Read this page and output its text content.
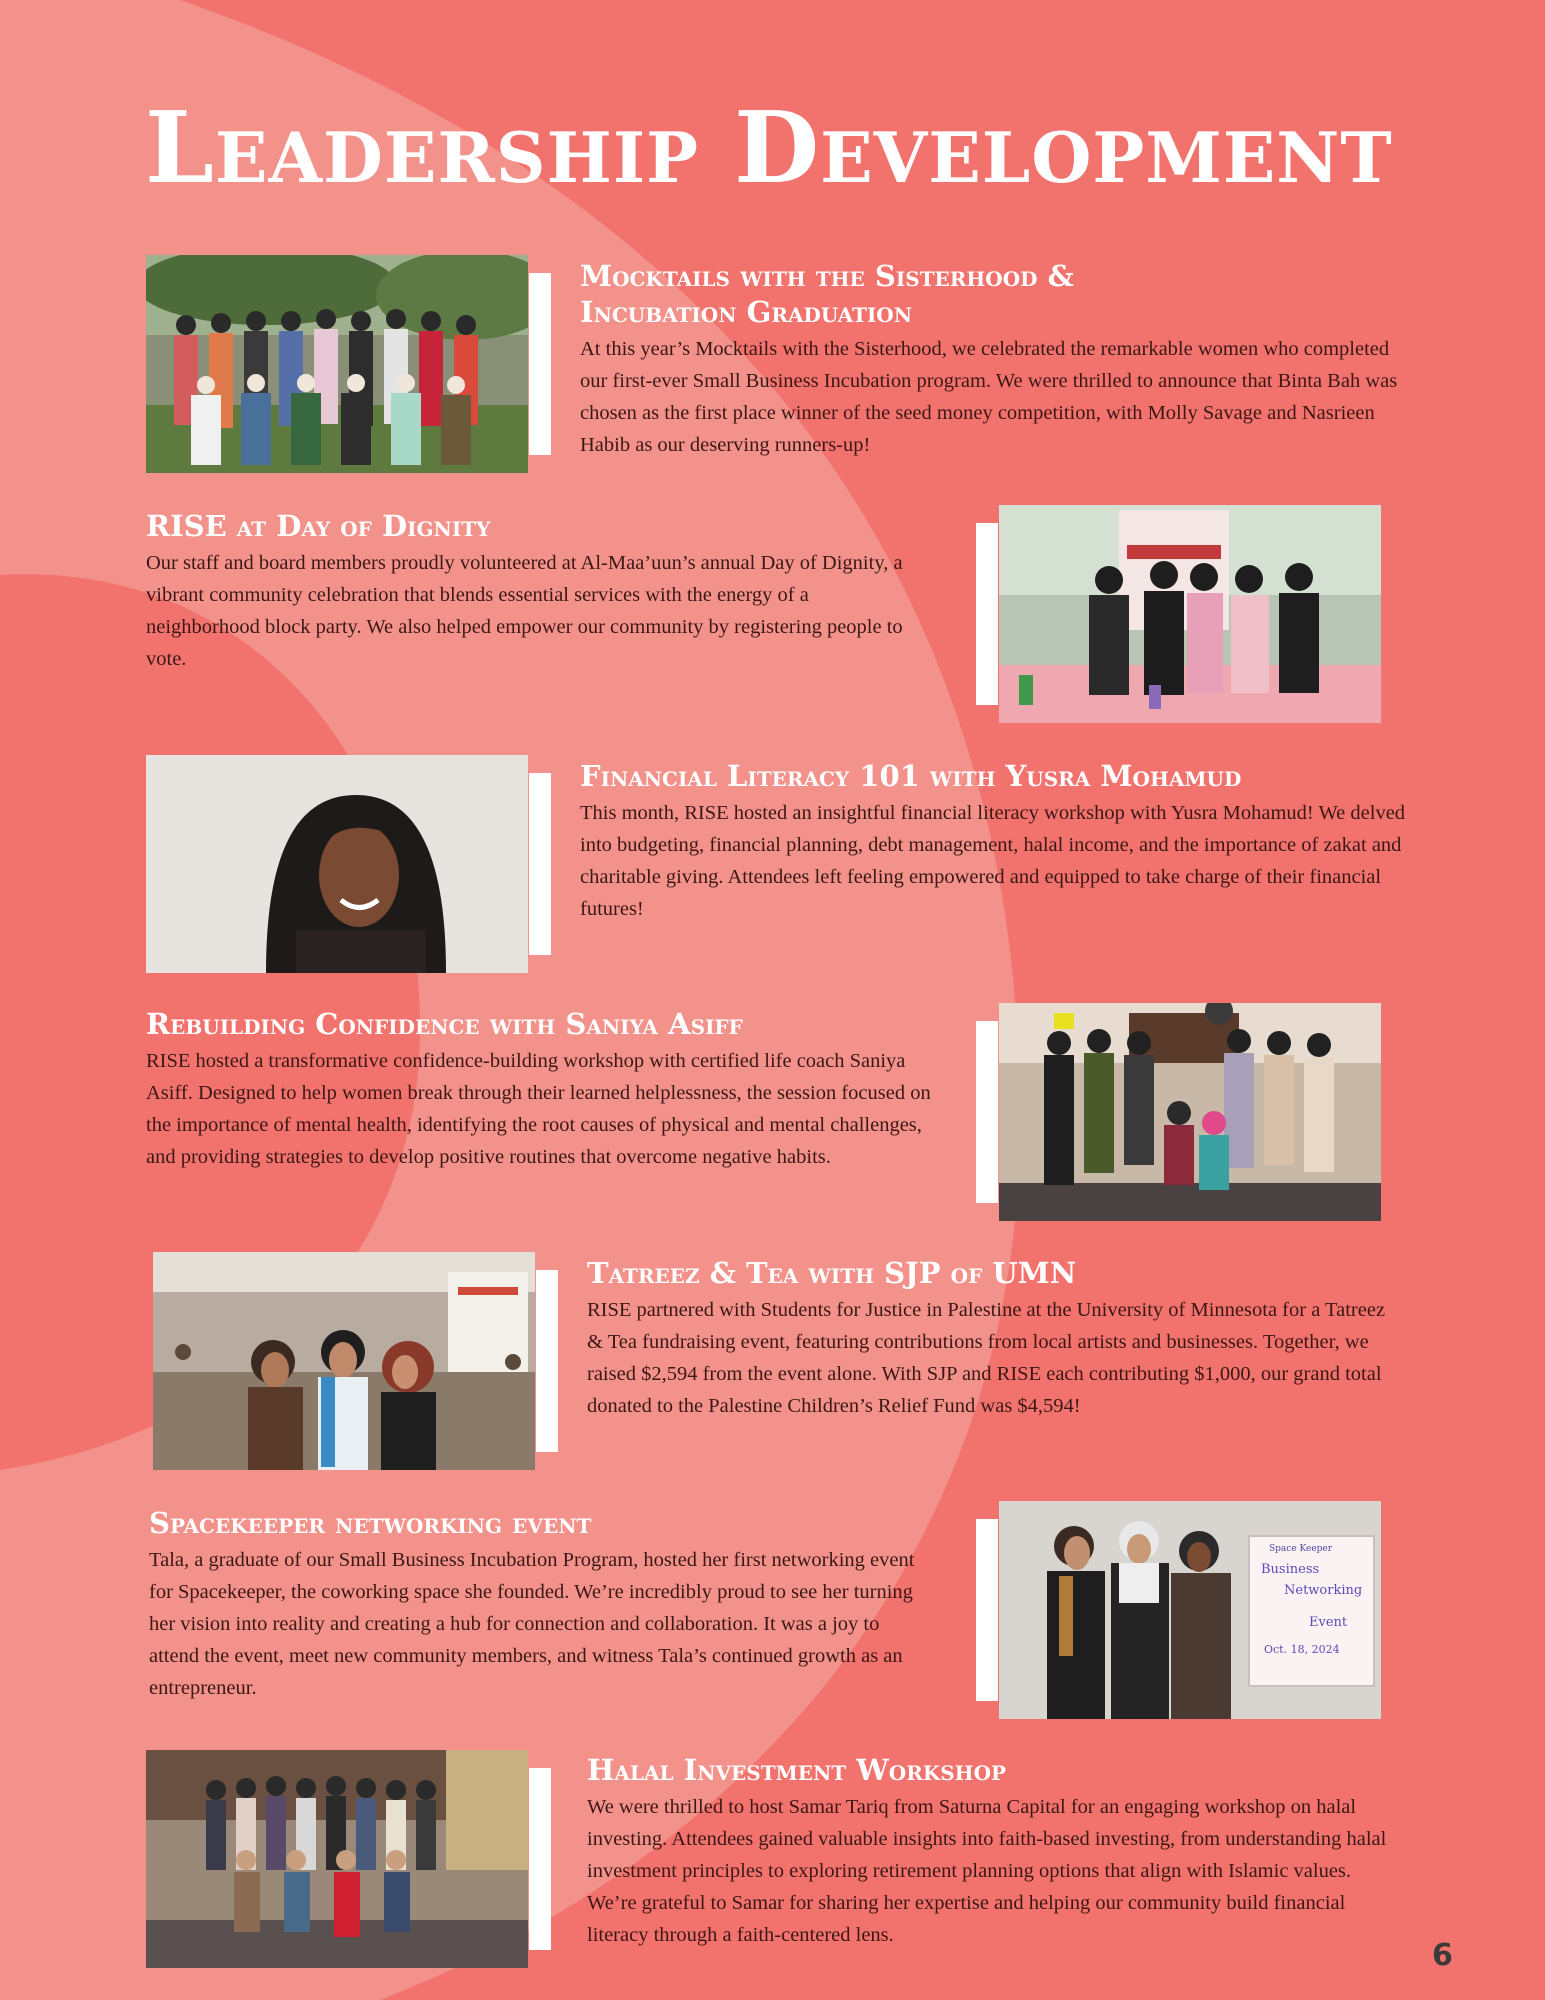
Leadership Development
Mocktails with the Sisterhood & Incubation Graduation

At this year’s Mocktails with the Sisterhood, we celebrated the remarkable women who completed our first-ever Small Business Incubation program. We were thrilled to announce that Binta Bah was chosen as the first place winner of the seed money competition, with Molly Savage and Nasrieen Habib as our deserving runners-up!

RISE at Day of Dignity

Our staff and board members proudly volunteered at Al-Maa’uun’s annual Day of Dignity, a vibrant community celebration that blends essential services with the energy of a neighborhood block party. We also helped empower our community by registering people to vote.

Financial Literacy 101 with Yusra Mohamud

This month, RISE hosted an insightful financial literacy workshop with Yusra Mohamud! We delved into budgeting, financial planning, debt management, halal income, and the importance of zakat and charitable giving. Attendees left feeling empowered and equipped to take charge of their financial futures!

Rebuilding Confidence with Saniya Asiff

RISE hosted a transformative confidence-building workshop with certified life coach Saniya Asiff. Designed to help women break through their learned helplessness, the session focused on the importance of mental health, identifying the root causes of physical and mental challenges, and providing strategies to develop positive routines that overcome negative habits.

Tatreez & Tea with SJP of UMN

RISE partnered with Students for Justice in Palestine at the University of Minnesota for a Tatreez & Tea fundraising event, featuring contributions from local artists and businesses. Together, we raised $2,594 from the event alone. With SJP and RISE each contributing $1,000, our grand total donated to the Palestine Children’s Relief Fund was $4,594!

Spacekeeper networking event

Tala, a graduate of our Small Business Incubation Program, hosted her first networking event for Spacekeeper, the coworking space she founded. We’re incredibly proud to see her turning her vision into reality and creating a hub for connection and collaboration. It was a joy to attend the event, meet new community members, and witness Tala’s continued growth as an entrepreneur.

Space Keeper
Business
Networking
Event
Oct. 18, 2024
Halal Investment Workshop

We were thrilled to host Samar Tariq from Saturna Capital for an engaging workshop on halal investing. Attendees gained valuable insights into faith-based investing, from understanding halal investment principles to exploring retirement planning options that align with Islamic values. We’re grateful to Samar for sharing her expertise and helping our community build financial literacy through a faith-centered lens.

6
